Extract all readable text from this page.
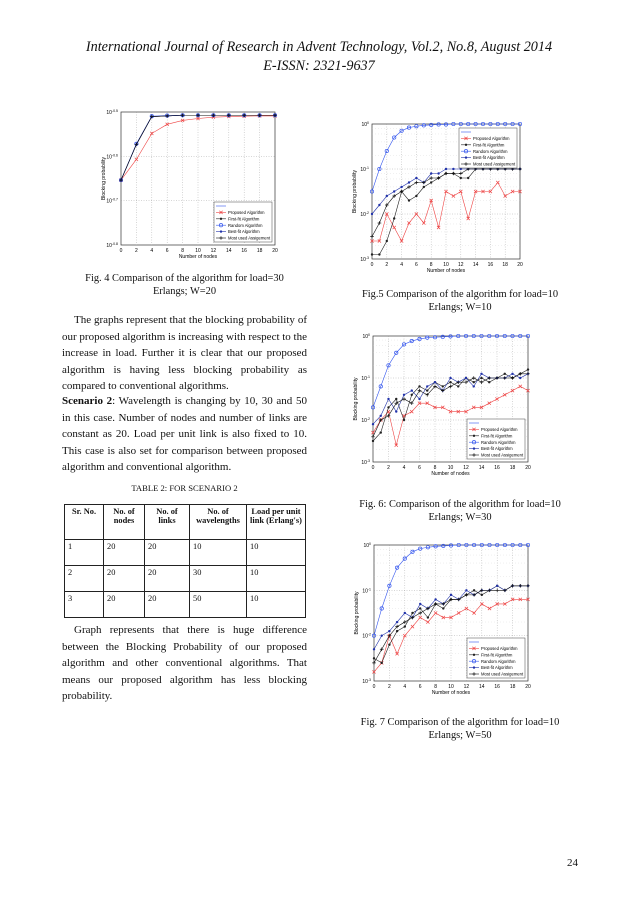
International Journal of Research in Advent Technology, Vol.2, No.8, August 2014
E-ISSN: 2321-9637
0	2	4	6	8 10 12 14 16 18 20
$10^{-0.5}$
$10^{-0.6}$
$10^{-0.7}$
$10^{-0.8}$
Number of nodes
Blocking probability
Proposed Algorithm
First-fit Algorithm
Random Algorithm
Best-fit Algorithm
Most used Assigement
Fig. 4 Comparison of the algorithm for load=30
Erlangs; W=20
The graphs represent that the blocking probability of our proposed algorithm is increasing with respect to the increase in load. Further it is clear that our proposed algorithm is having less blocking probability as compared to conventional algorithms.
Scenario 2: Wavelength is changing by 10, 30 and 50 in this case. Number of nodes and number of links are constant as 20. Load per unit link is also fixed to 10. This case is also set for comparison between proposed algorithm and conventional algorithm.
TABLE 2: FOR SCENARIO 2
Sr. No.	No. of nodes	No. of links	No. of wavelengths	Load per unit link (Erlang's)
1	20	20	10	10
2	20	20	30	10
3	20	20	50	10
Graph represents that there is huge difference between the Blocking Probability of our proposed algorithm and other conventional algorithms. That means our proposed algorithm has less blocking probability.
0 2 4 6 8 10 12 14 16 18 20
$10^0$
$10^{-1}$
$10^{-2}$
$10^{-3}$
Number of nodes
Blocking probability
Proposed Algorithm
First-fit Algorithm
Random Algorithm
Best-fit Algorithm
Most used Assigement
Fig.5 Comparison of the algorithm for load=10
Erlangs; W=10
0	2	4	6	8 10 12 14 16 18 20
$10^0$
$10^{-1}$
$10^{-2}$
$10^{-3}$
Number of nodes
Blocking probability
Proposed Algorithm
First-fit Algorithm
Random Algorithm
Best-fit Algorithm
Most used Assigement
Fig. 6: Comparison of the algorithm for load=10
Erlangs; W=30
0	2	4	6	8 10 12 14 16 18 20
$10^0$
$10^{-1}$
$10^{-2}$
$10^{-3}$
Number of nodes
Blocking probability
Proposed Algorithm
First-fit Algorithm
Random Algorithm
Best-fit Algorithm
Most used Assigement
Fig. 7 Comparison of the algorithm for load=10
Erlangs; W=50
24
